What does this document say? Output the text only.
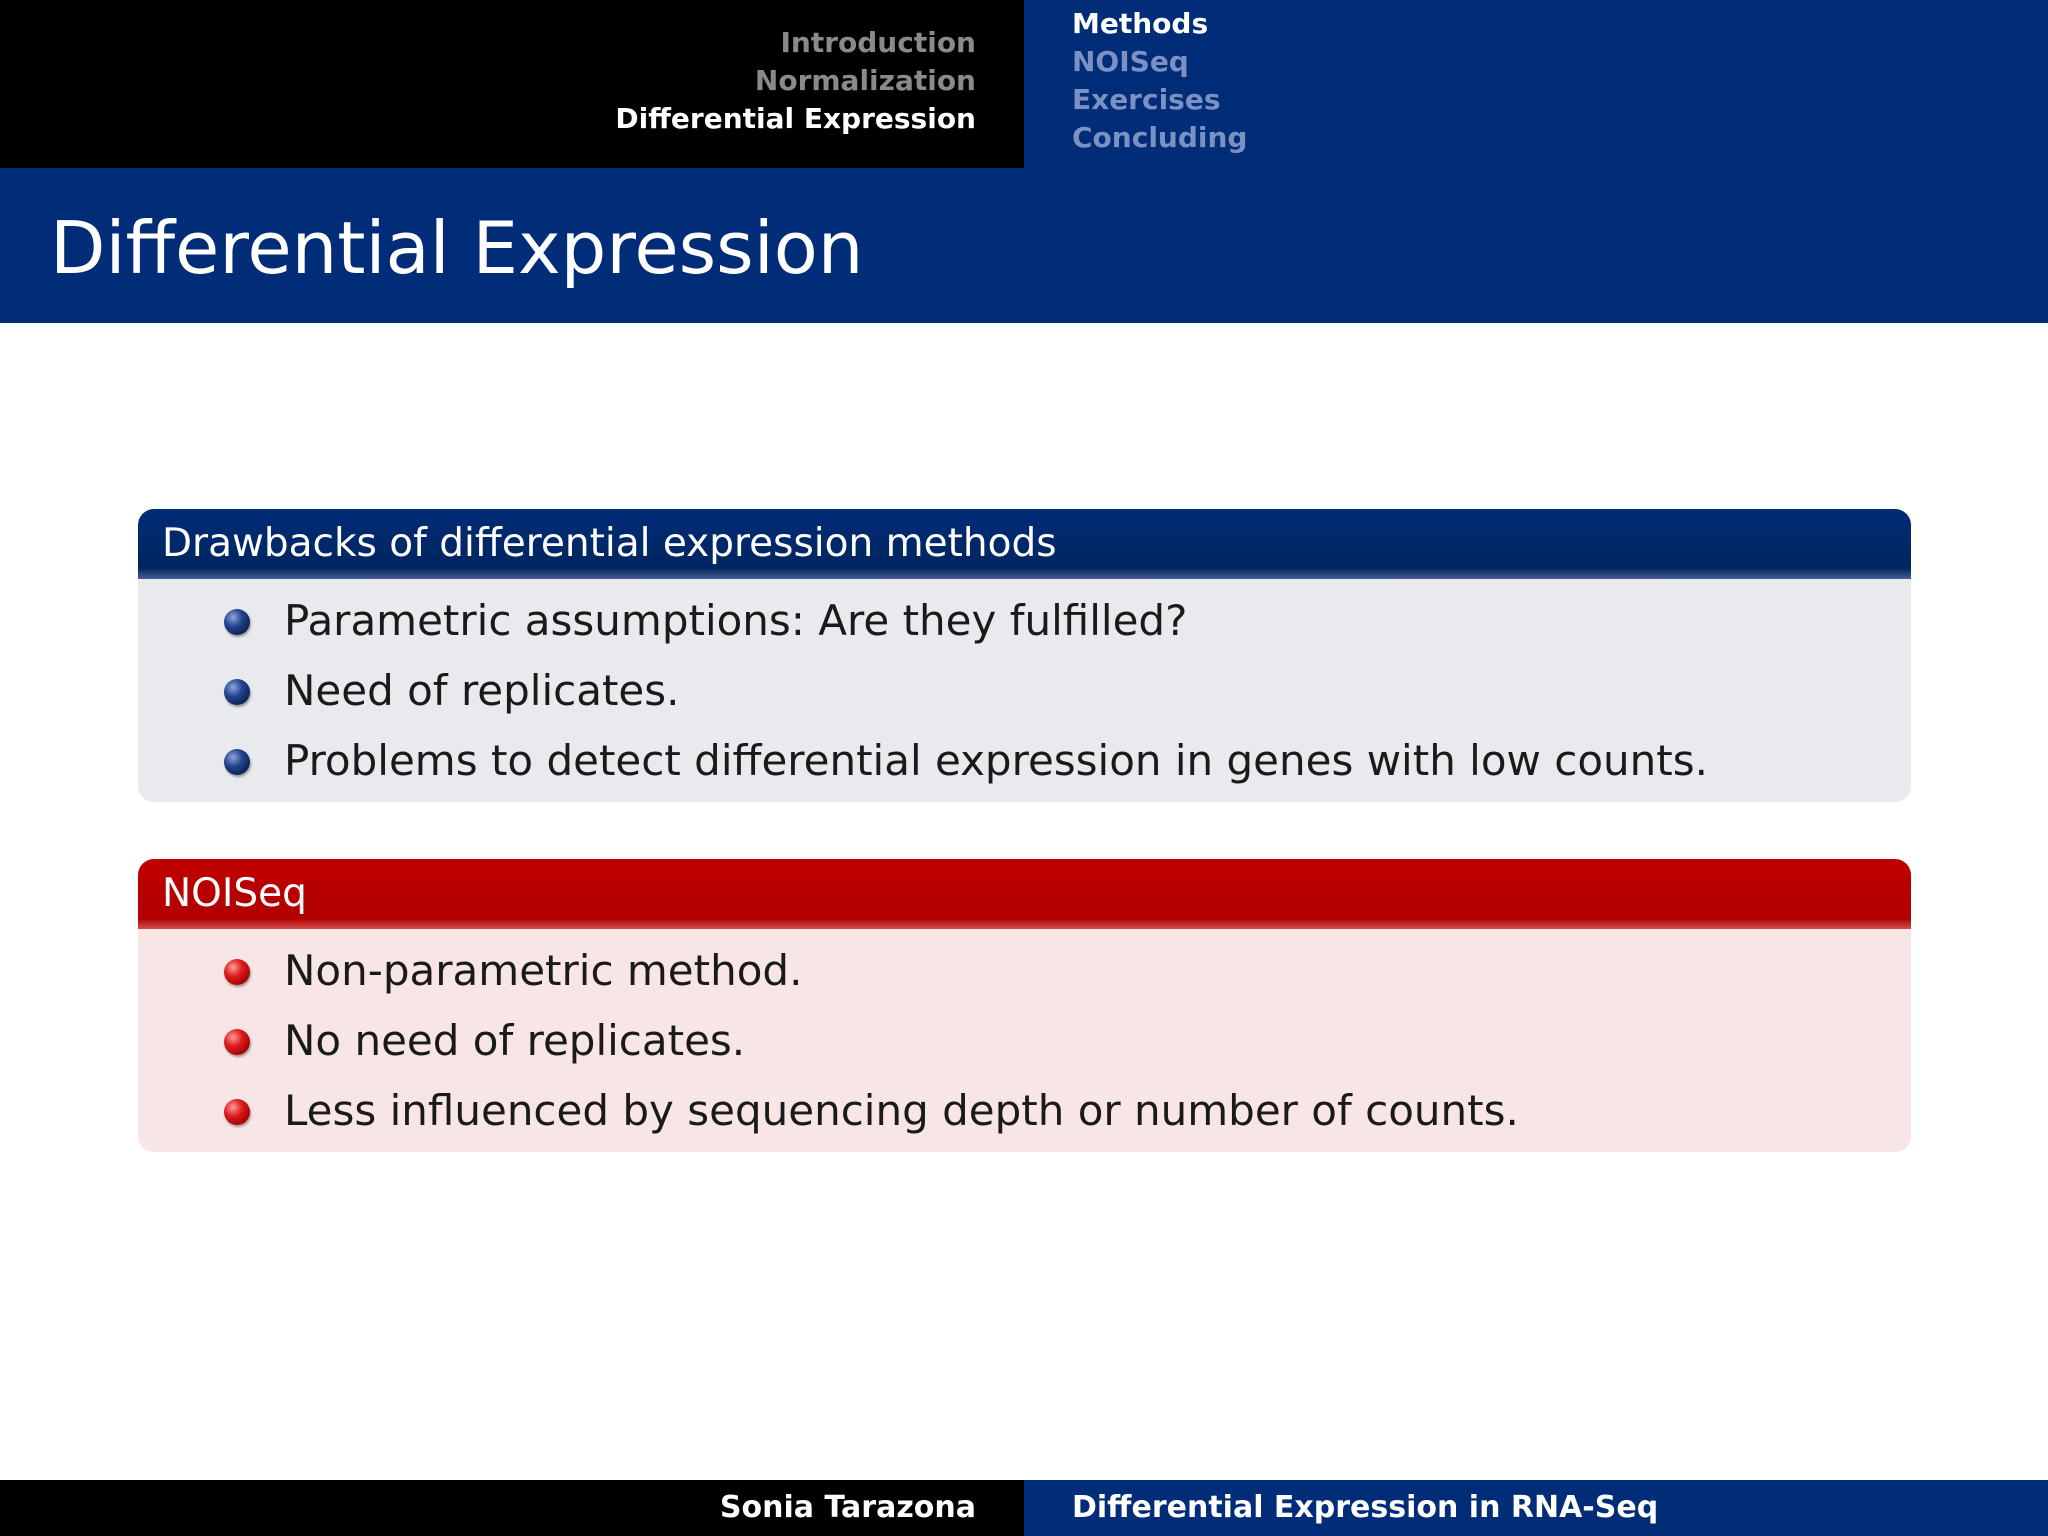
Introduction
Normalization
Differential Expression
Methods
NOISeq
Exercises
Concluding
Differential Expression
Drawbacks of differential expression methods
Parametric assumptions: Are they fulfilled?
Need of replicates.
Problems to detect differential expression in genes with low counts.
NOISeq
Non-parametric method.
No need of replicates.
Less influenced by sequencing depth or number of counts.
Sonia Tarazona	Differential Expression in RNA-Seq
